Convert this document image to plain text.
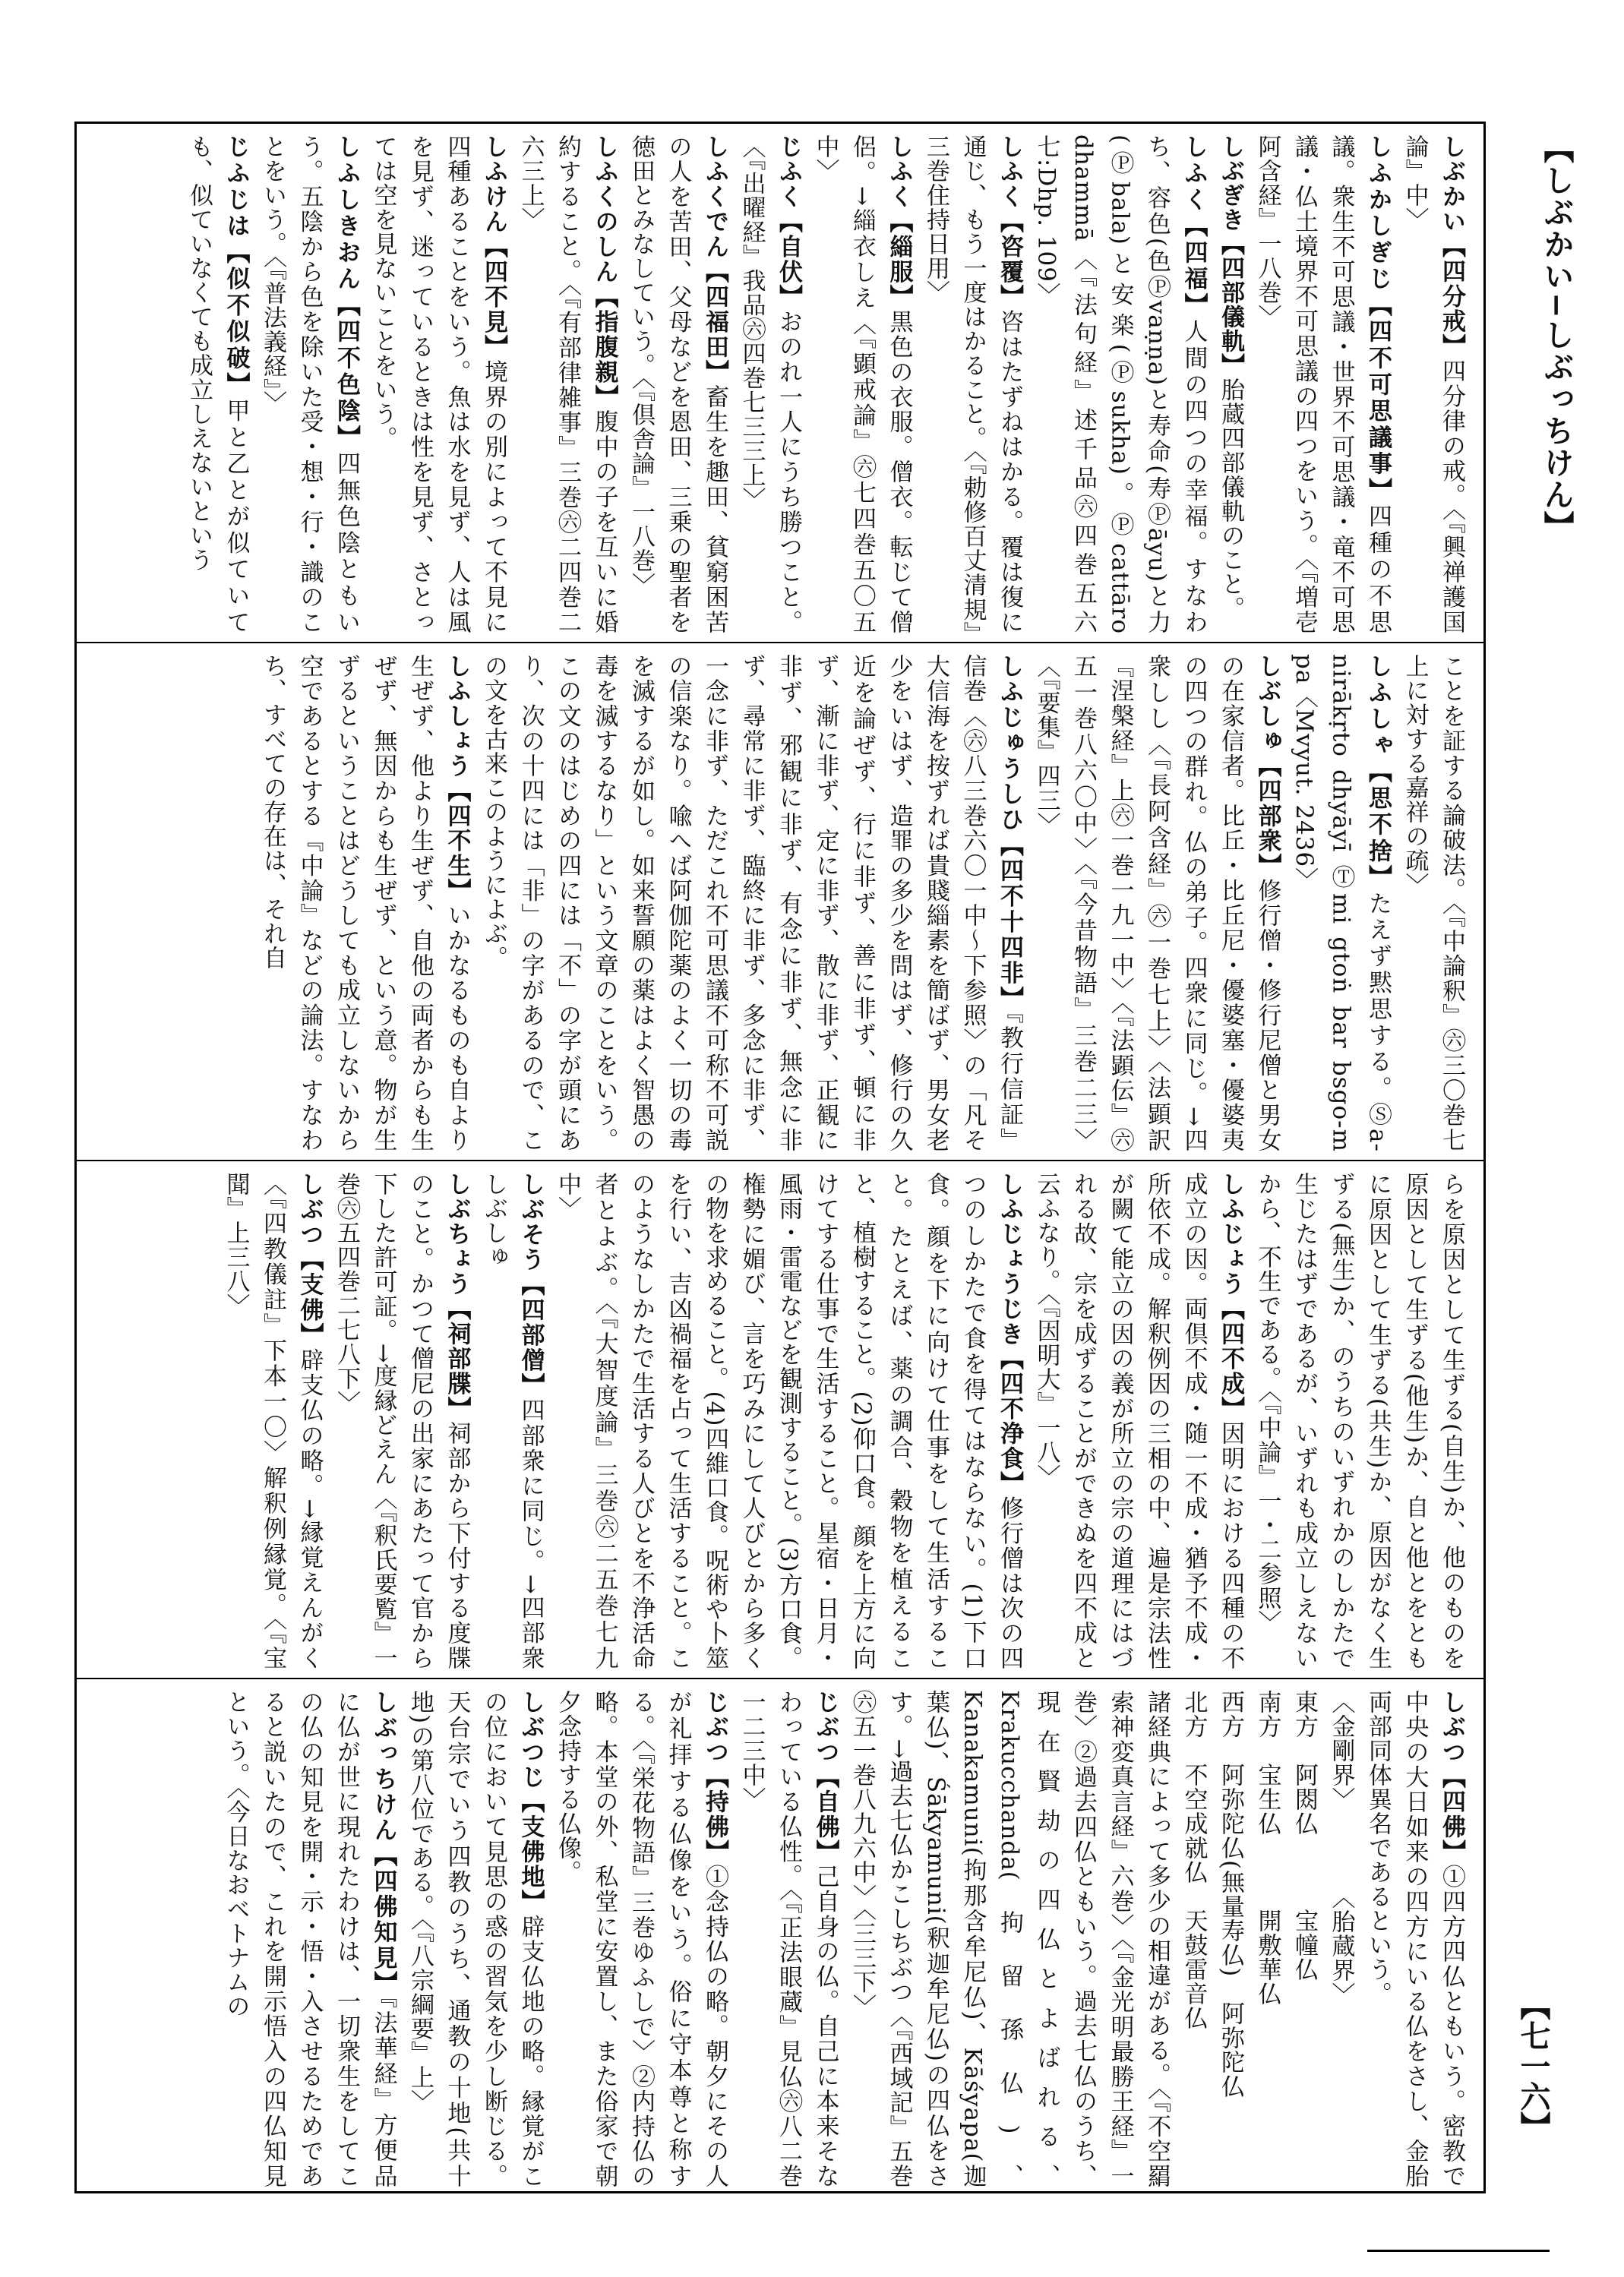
【しぶかい−しぶっちけん】
しぶかい【四分戒】四分律の戒。〈『興禅護国論』中〉
しふかしぎじ【四不可思議事】四種の不思議。衆生不可思議・世界不可思議・竜不可思議・仏土境界不可思議の四つをいう。〈『増壱阿含経』一八巻〉
しぶぎき【四部儀軌】胎蔵四部儀軌のこと。
しふく【四福】人間の四つの幸福。すなわち、容色(色Ⓟvaṇṇa)と寿命(寿Ⓟāyu)と力(Ⓟbala)と安楽(Ⓟsukha)。Ⓟcattāro dhammā〈『法句経』述千品㊅四巻五六七:Dhp. 109〉
しふく【咨覆】咨はたずねはかる。覆は復に通じ、もう一度はかること。〈『勅修百丈清規』三巻住持日用〉
しふく【緇服】黒色の衣服。僧衣。転じて僧侶。→緇衣しえ〈『顕戒論』㊅七四巻五〇五中〉
じふく【自伏】おのれ一人にうち勝つこと。〈『出曜経』我品㊅四巻七三三上〉
しふくでん【四福田】畜生を趣田、貧窮困苦の人を苦田、父母などを恩田、三乗の聖者を徳田とみなしていう。〈『倶舎論』一八巻〉
しふくのしん【指腹親】腹中の子を互いに婚約すること。〈『有部律雑事』三巻㊅二四巻二六三上〉
しふけん【四不見】境界の別によって不見に四種あることをいう。魚は水を見ず、人は風を見ず、迷っているときは性を見ず、さとっては空を見ないことをいう。
しふしきおん【四不色陰】四無色陰ともいう。五陰から色を除いた受・想・行・識のことをいう。〈『普法義経』〉
じふじは【似不似破】甲と乙とが似ていても、似ていなくても成立しえないという

ことを証する論破法。〈『中論釈』㊅三〇巻七上に対する嘉祥の疏〉
しふしゃ【思不捨】たえず黙思する。Ⓢa-nirākṛto dhyāyī Ⓣmi gtoṅ bar bsgo-m pa〈Mvyut. 2436〉
しぶしゅ【四部衆】修行僧・修行尼僧と男女の在家信者。比丘・比丘尼・優婆塞・優婆夷の四つの群れ。仏の弟子。四衆に同じ。→四衆しし〈『長阿含経』㊅一巻七上〉〈法顕訳『涅槃経』上㊅一巻一九一中〉〈『法顕伝』㊅五一巻八六〇中〉〈『今昔物語』三巻二三〉〈『要集』四三〉
しふじゅうしひ【四不十四非】『教行信証』信巻〈㊅八三巻六〇一中〜下参照〉の「凡そ大信海を按ずれば貴賤緇素を簡ばず、男女老少をいはず、造罪の多少を問はず、修行の久近を論ぜず、行に非ず、善に非ず、頓に非ず、漸に非ず、定に非ず、散に非ず、正観に非ず、邪観に非ず、有念に非ず、無念に非ず、尋常に非ず、臨終に非ず、多念に非ず、一念に非ず、ただこれ不可思議不可称不可説の信楽なり。喩へば阿伽陀薬のよく一切の毒を滅するが如し。如来誓願の薬はよく智愚の毒を滅するなり」という文章のことをいう。この文のはじめの四には「不」の字が頭にあり、次の十四には「非」の字があるので、この文を古来このようによぶ。
しふしょう【四不生】いかなるものも自より生ぜず、他より生ぜず、自他の両者からも生ぜず、無因からも生ぜず、という意。物が生ずるということはどうしても成立しないから空であるとする『中論』などの論法。すなわち、すべての存在は、それ自

らを原因として生ずる(自生)か、他のものを原因として生ずる(他生)か、自と他とをともに原因として生ずる(共生)か、原因がなく生ずる(無生)か、のうちのいずれかのしかたで生じたはずであるが、いずれも成立しえないから、不生である。〈『中論』一・二参照〉
しふじょう【四不成】因明における四種の不成立の因。両倶不成・随一不成・猶予不成・所依不成。解釈例因の三相の中、遍是宗法性が闕て能立の因の義が所立の宗の道理にはづれる故、宗を成ずることができぬを四不成と云ふなり。〈『因明大』一八〉
しふじょうじき【四不浄食】修行僧は次の四つのしかたで食を得てはならない。(1)下口食。顔を下に向けて仕事をして生活すること。たとえば、薬の調合、穀物を植えること、植樹すること。(2)仰口食。顔を上方に向けてする仕事で生活すること。星宿・日月・風雨・雷電などを観測すること。(3)方口食。権勢に媚び、言を巧みにして人びとから多くの物を求めること。(4)四維口食。呪術や卜筮を行い、吉凶禍福を占って生活すること。このようなしかたで生活する人びとを不浄活命者とよぶ。〈『大智度論』三巻㊅二五巻七九中〉
しぶそう【四部僧】四部衆に同じ。→四部衆しぶしゅ
しぶちょう【祠部牒】祠部から下付する度牒のこと。かつて僧尼の出家にあたって官から下した許可証。→度縁どえん〈『釈氏要覧』一巻㊅五四巻二七八下〉
しぶつ【支佛】辟支仏の略。→縁覚えんがく〈『四教儀註』下本一〇〉解釈例縁覚。〈『宝聞』上三八〉

しぶつ【四佛】①四方四仏ともいう。密教で中央の大日如来の四方にいる仏をさし、金胎両部同体異名であるという。
〈金剛界〉　　　　〈胎蔵界〉
東方　阿閦仏　　　宝幢仏
南方　宝生仏　　　開敷華仏
西方　阿弥陀仏(無量寿仏)　阿弥陀仏
北方　不空成就仏　天鼓雷音仏
諸経典によって多少の相違がある。〈『不空羂索神変真言経』六巻〉〈『金光明最勝王経』一巻〉②過去四仏ともいう。過去七仏のうち、現在賢劫の四仏とよばれる、Krakucchanda(拘留孫仏)、Kanakamuni(拘那含牟尼仏)、Kāśyapa(迦葉仏)、Śākyamuni(釈迦牟尼仏)の四仏をさす。→過去七仏かこしちぶつ〈『西域記』五巻㊅五一巻八九六中〉〈三三下〉
じぶつ【自佛】己自身の仏。自己に本来そなわっている仏性。〈『正法眼蔵』見仏㊅八二巻一二三中〉
じぶつ【持佛】①念持仏の略。朝夕にその人が礼拝する仏像をいう。俗に守本尊と称する。〈『栄花物語』三巻ゆふしで〉②内持仏の略。本堂の外、私堂に安置し、また俗家で朝夕念持する仏像。
しぶつじ【支佛地】辟支仏地の略。縁覚がこの位において見思の惑の習気を少し断じる。天台宗でいう四教のうち、通教の十地(共十地)の第八位である。〈『八宗綱要』上〉
しぶっちけん【四佛知見】『法華経』方便品に仏が世に現れたわけは、一切衆生をしてこの仏の知見を開・示・悟・入させるためであると説いたので、これを開示悟入の四仏知見という。〈今日なおベトナムの

【七一六】
